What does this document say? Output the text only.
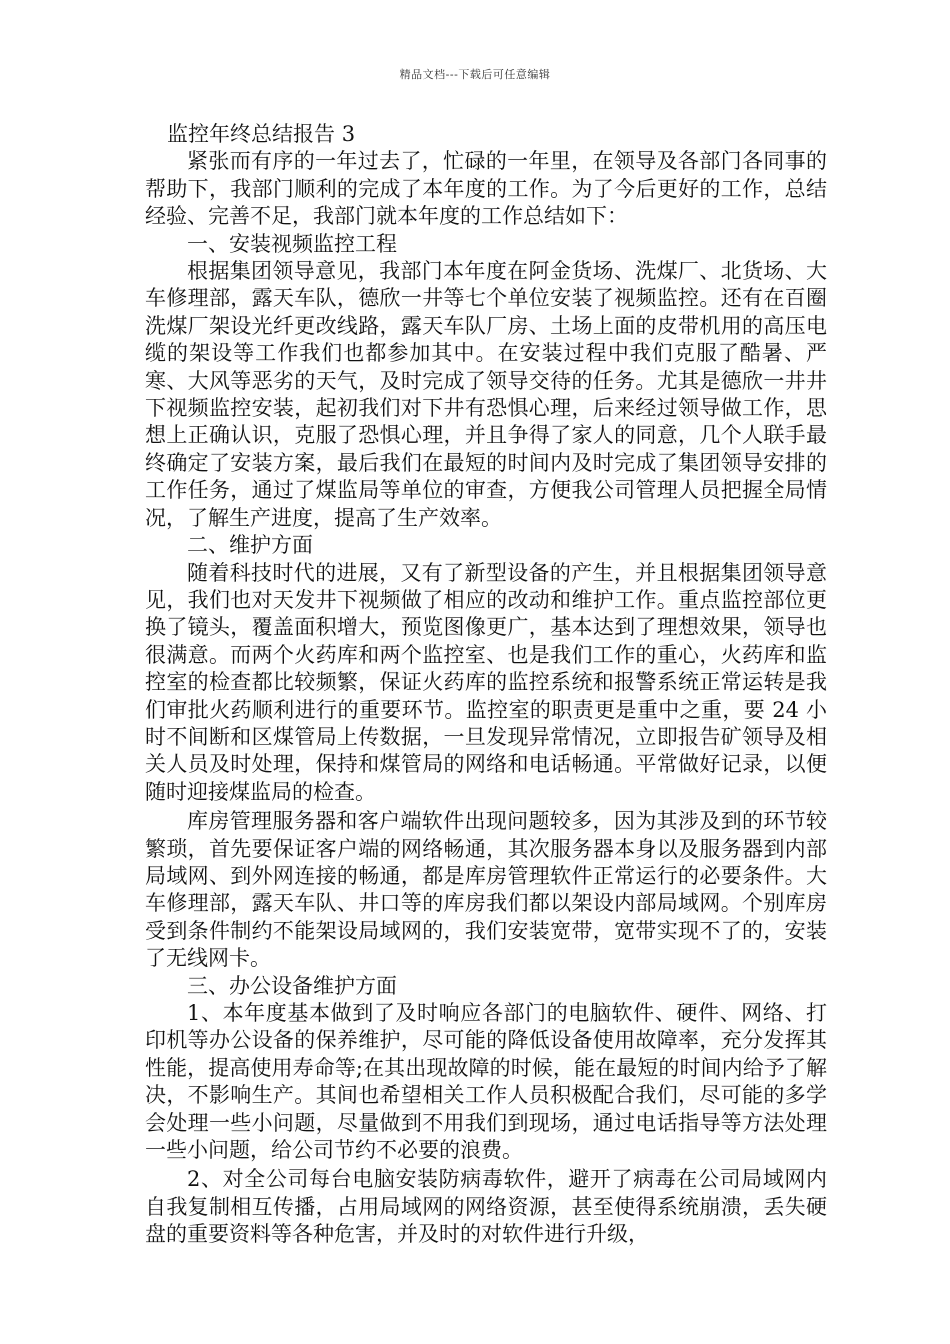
精品文档---下载后可任意编辑

监控年终总结报告 3

紧张而有序的一年过去了，忙碌的一年里，在领导及各部门各同事的帮助下，我部门顺利的完成了本年度的工作。为了今后更好的工作，总结经验、完善不足，我部门就本年度的工作总结如下：

一、安装视频监控工程

根据集团领导意见，我部门本年度在阿金货场、洗煤厂、北货场、大车修理部，露天车队，德欣一井等七个单位安装了视频监控。还有在百圈洗煤厂架设光纤更改线路，露天车队厂房、土场上面的皮带机用的高压电缆的架设等工作我们也都参加其中。在安装过程中我们克服了酷暑、严寒、大风等恶劣的天气，及时完成了领导交待的任务。尤其是德欣一井井下视频监控安装，起初我们对下井有恐惧心理，后来经过领导做工作，思想上正确认识，克服了恐惧心理，并且争得了家人的同意，几个人联手最终确定了安装方案，最后我们在最短的时间内及时完成了集团领导安排的工作任务，通过了煤监局等单位的审查，方便我公司管理人员把握全局情况，了解生产进度，提高了生产效率。

二、维护方面

随着科技时代的进展，又有了新型设备的产生，并且根据集团领导意见，我们也对天发井下视频做了相应的改动和维护工作。重点监控部位更换了镜头，覆盖面积增大，预览图像更广，基本达到了理想效果，领导也很满意。而两个火药库和两个监控室、也是我们工作的重心，火药库和监控室的检查都比较频繁，保证火药库的监控系统和报警系统正常运转是我们审批火药顺利进行的重要环节。监控室的职责更是重中之重，要 24 小时不间断和区煤管局上传数据，一旦发现异常情况，立即报告矿领导及相关人员及时处理，保持和煤管局的网络和电话畅通。平常做好记录，以便随时迎接煤监局的检查。

库房管理服务器和客户端软件出现问题较多，因为其涉及到的环节较繁琐，首先要保证客户端的网络畅通，其次服务器本身以及服务器到内部局域网、到外网连接的畅通，都是库房管理软件正常运行的必要条件。大车修理部，露天车队、井口等的库房我们都以架设内部局域网。个别库房受到条件制约不能架设局域网的，我们安装宽带，宽带实现不了的，安装了无线网卡。

三、办公设备维护方面

1、本年度基本做到了及时响应各部门的电脑软件、硬件、网络、打印机等办公设备的保养维护，尽可能的降低设备使用故障率，充分发挥其性能，提高使用寿命等;在其出现故障的时候，能在最短的时间内给予了解决，不影响生产。其间也希望相关工作人员积极配合我们，尽可能的多学会处理一些小问题，尽量做到不用我们到现场，通过电话指导等方法处理一些小问题，给公司节约不必要的浪费。

2、对全公司每台电脑安装防病毒软件，避开了病毒在公司局域网内自我复制相互传播，占用局域网的网络资源，甚至使得系统崩溃，丢失硬盘的重要资料等各种危害，并及时的对软件进行升级，
